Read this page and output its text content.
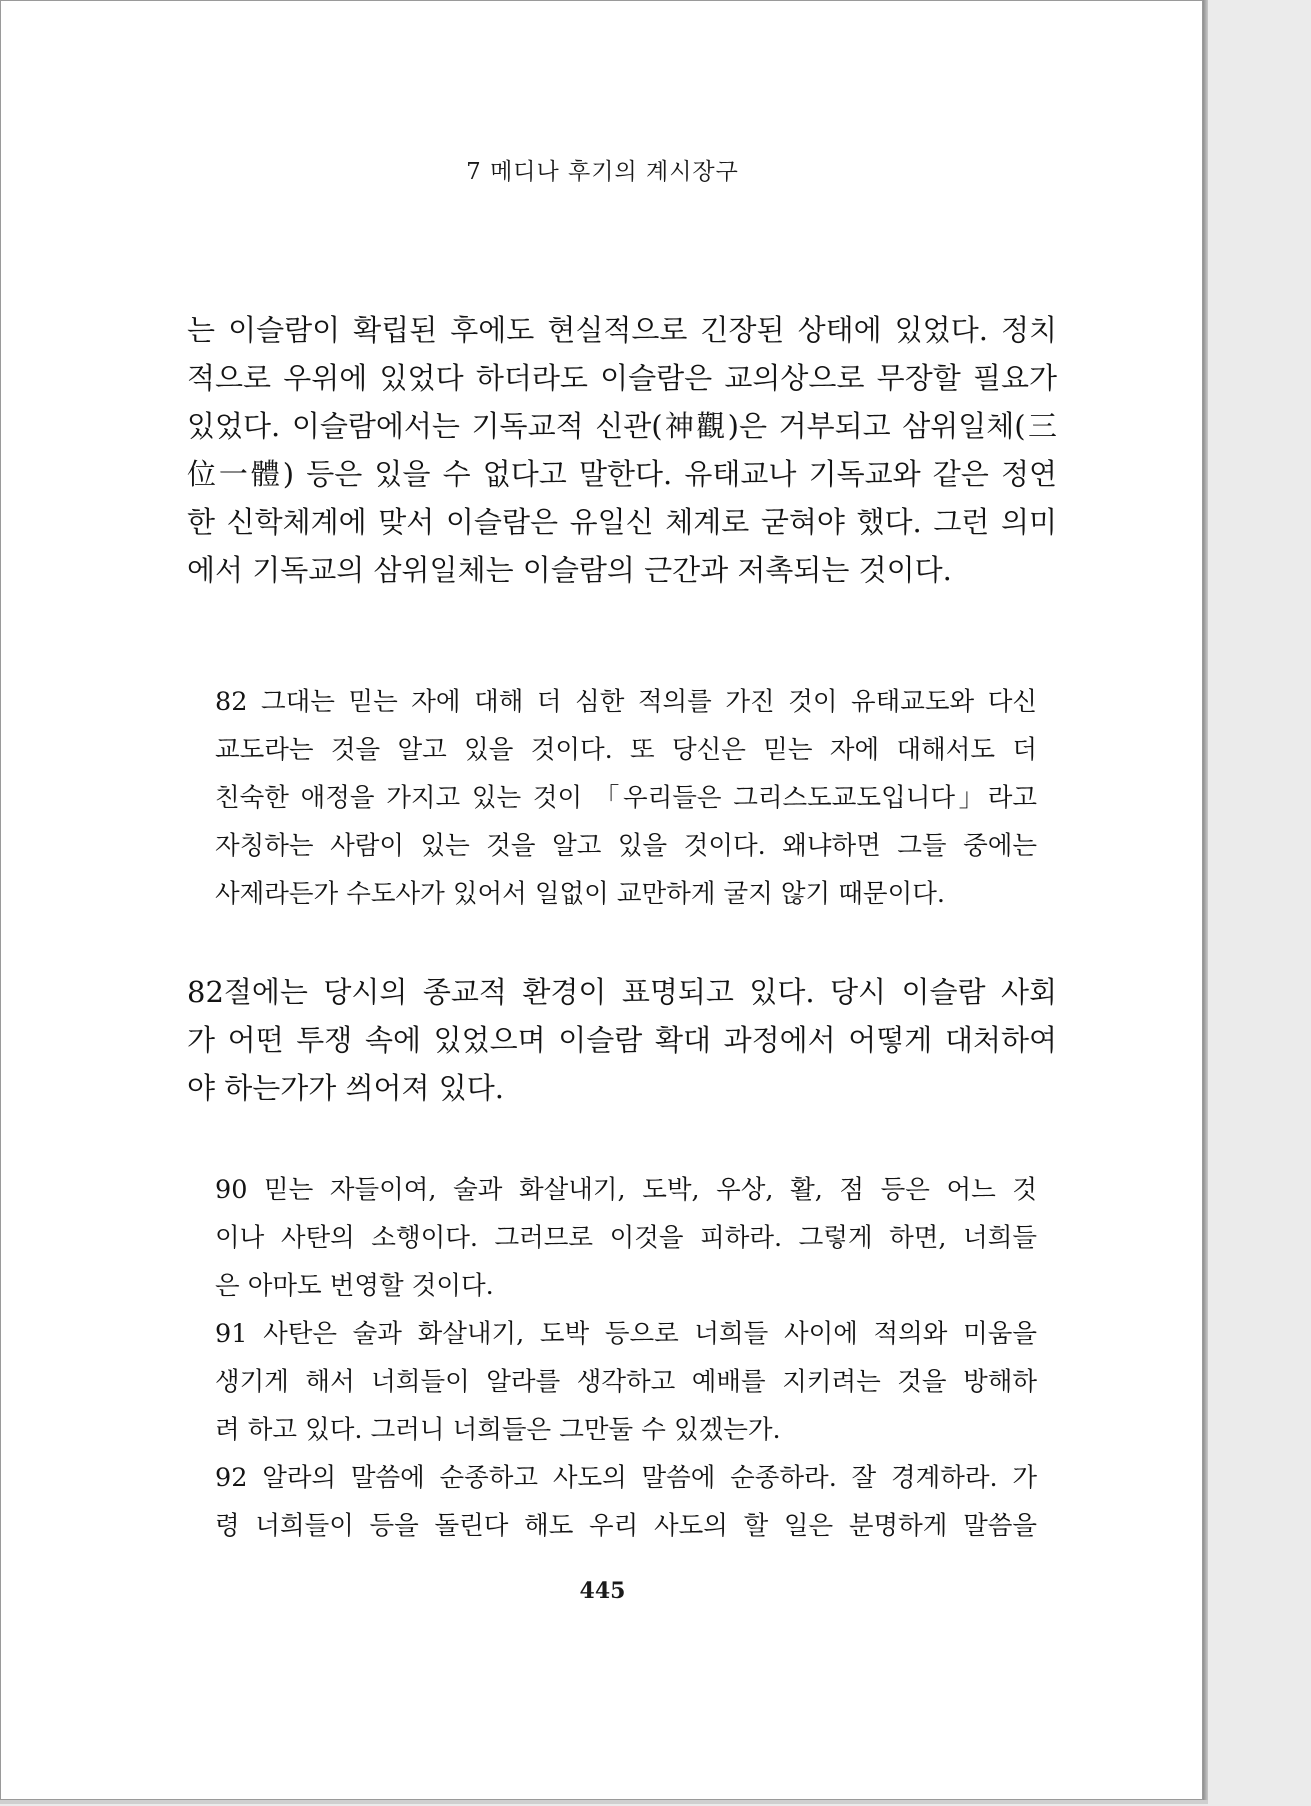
7 메디나 후기의 계시장구
는 이슬람이 확립된 후에도 현실적으로 긴장된 상태에 있었다. 정치
적으로 우위에 있었다 하더라도 이슬람은 교의상으로 무장할 필요가
있었다. 이슬람에서는 기독교적 신관(神觀)은 거부되고 삼위일체(三
位一體) 등은 있을 수 없다고 말한다. 유태교나 기독교와 같은 정연
한 신학체계에 맞서 이슬람은 유일신 체계로 굳혀야 했다. 그런 의미
에서 기독교의 삼위일체는 이슬람의 근간과 저촉되는 것이다.
82 그대는 믿는 자에 대해 더 심한 적의를 가진 것이 유태교도와 다신
교도라는 것을 알고 있을 것이다. 또 당신은 믿는 자에 대해서도 더
친숙한 애정을 가지고 있는 것이 「우리들은 그리스도교도입니다」라고
자칭하는 사람이 있는 것을 알고 있을 것이다. 왜냐하면 그들 중에는
사제라든가 수도사가 있어서 일없이 교만하게 굴지 않기 때문이다.
82절에는 당시의 종교적 환경이 표명되고 있다. 당시 이슬람 사회
가 어떤 투쟁 속에 있었으며 이슬람 확대 과정에서 어떻게 대처하여
야 하는가가 씌어져 있다.
90 믿는 자들이여, 술과 화살내기, 도박, 우상, 활, 점 등은 어느 것
이나 사탄의 소행이다. 그러므로 이것을 피하라. 그렇게 하면, 너희들
은 아마도 번영할 것이다.
91 사탄은 술과 화살내기, 도박 등으로 너희들 사이에 적의와 미움을
생기게 해서 너희들이 알라를 생각하고 예배를 지키려는 것을 방해하
려 하고 있다. 그러니 너희들은 그만둘 수 있겠는가.
92 알라의 말씀에 순종하고 사도의 말씀에 순종하라. 잘 경계하라. 가
령 너희들이 등을 돌린다 해도 우리 사도의 할 일은 분명하게 말씀을
445
